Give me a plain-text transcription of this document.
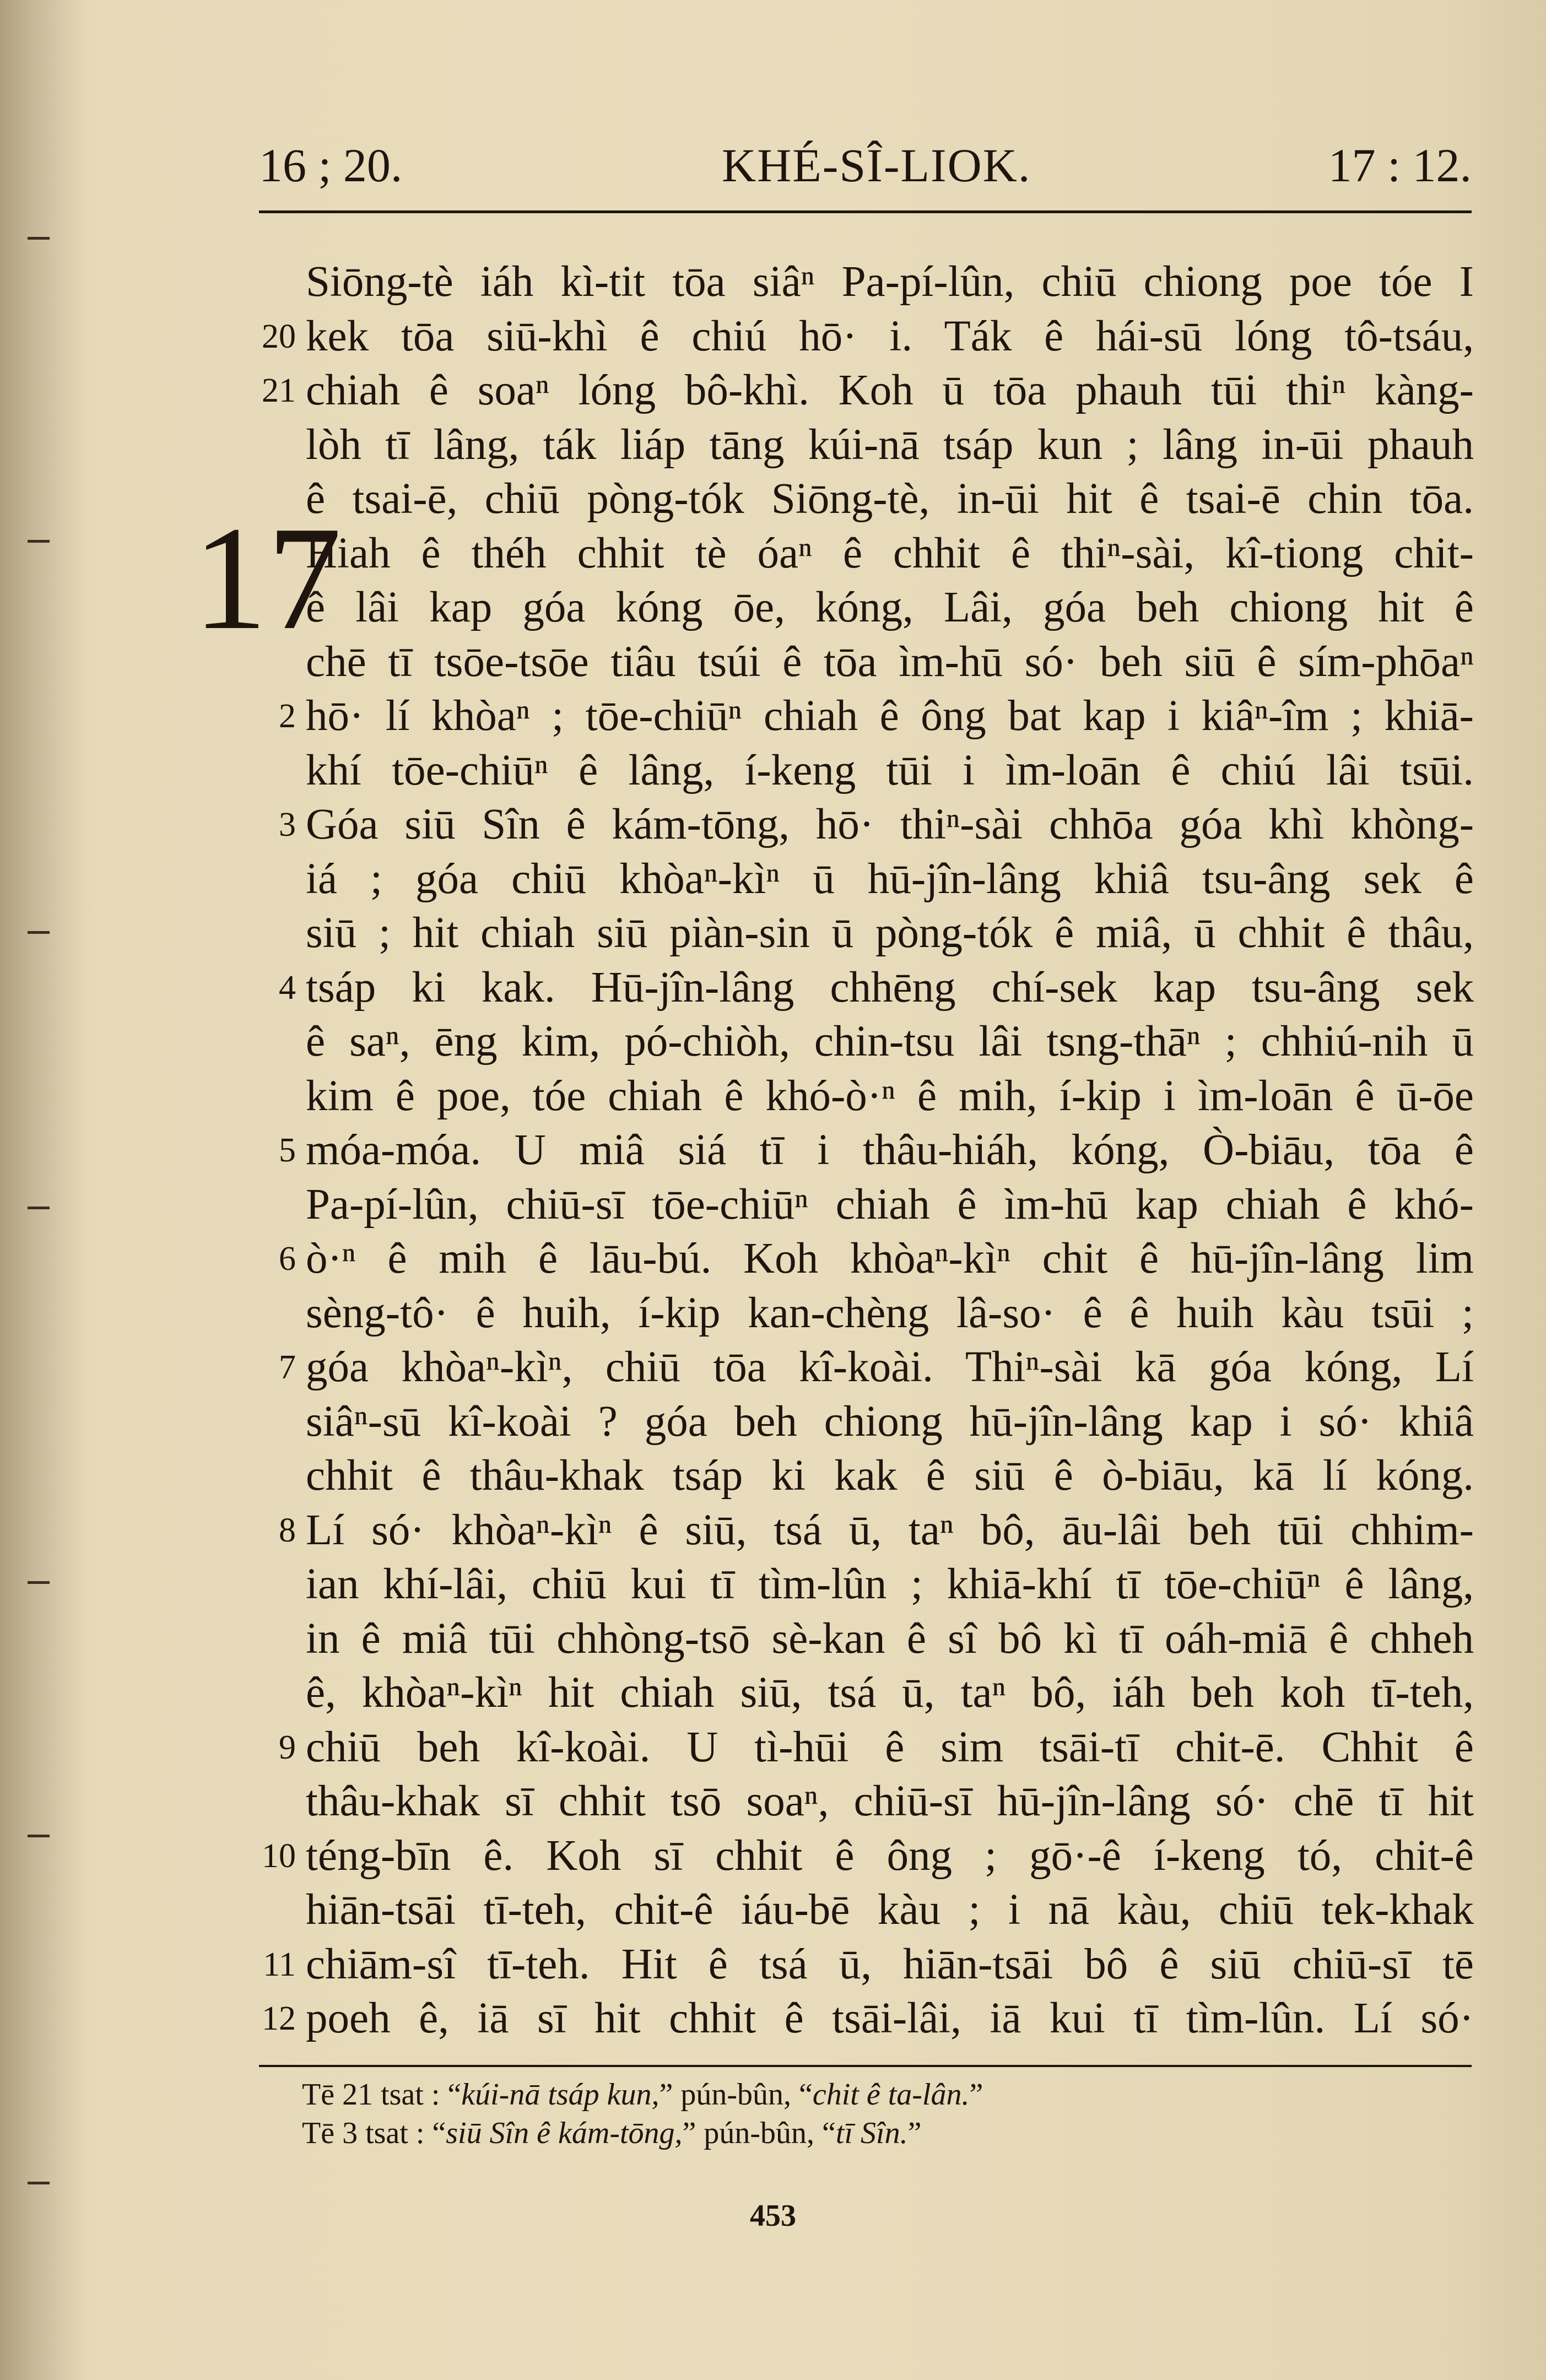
16 ; 20.	KHÉ-SÎ-LIOK.	17 : 12.
17
Siōng-tè iáh kì-tit tōa siâⁿ Pa-pí-lûn, chiū chiong poe tóe I
20 kek tōa siū-khì ê chiú hō· i. Ták ê hái-sū lóng tô-tsáu,
21 chiah ê soaⁿ lóng bô-khì. Koh ū tōa phauh tūi thiⁿ kàng-
lòh tī lâng, ták liáp tāng kúi-nā tsáp kun ; lâng in-ūi phauh
ê tsai-ē, chiū pòng-tók Siōng-tè, in-ūi hit ê tsai-ē chin tōa.
Hiah ê théh chhit tè óaⁿ ê chhit ê thiⁿ-sài, kî-tiong chit-
ê lâi kap góa kóng ōe, kóng, Lâi, góa beh chiong hit ê
chē tī tsōe-tsōe tiâu tsúi ê tōa ìm-hū só· beh siū ê sím-phōaⁿ
2 hō· lí khòaⁿ ; tōe-chiūⁿ chiah ê ông bat kap i kiâⁿ-îm ; khiā-
khí tōe-chiūⁿ ê lâng, í-keng tūi i ìm-loān ê chiú lâi tsūi.
3 Góa siū Sîn ê kám-tōng, hō· thiⁿ-sài chhōa góa khì khòng-
iá ; góa chiū khòaⁿ-kìⁿ ū hū-jîn-lâng khiâ tsu-âng sek ê
siū ; hit chiah siū piàn-sin ū pòng-tók ê miâ, ū chhit ê thâu,
4 tsáp ki kak. Hū-jîn-lâng chhēng chí-sek kap tsu-âng sek
ê saⁿ, ēng kim, pó-chiòh, chin-tsu lâi tsng-thāⁿ ; chhiú-nih ū
kim ê poe, tóe chiah ê khó-ò·ⁿ ê mih, í-kip i ìm-loān ê ū-ōe
5 móa-móa. U miâ siá tī i thâu-hiáh, kóng, Ò-biāu, tōa ê
Pa-pí-lûn, chiū-sī tōe-chiūⁿ chiah ê ìm-hū kap chiah ê khó-
6 ò·ⁿ ê mih ê lāu-bú. Koh khòaⁿ-kìⁿ chit ê hū-jîn-lâng lim
sèng-tô· ê huih, í-kip kan-chèng lâ-so· ê ê huih kàu tsūi ;
7 góa khòaⁿ-kìⁿ, chiū tōa kî-koài. Thiⁿ-sài kā góa kóng, Lí
siâⁿ-sū kî-koài ? góa beh chiong hū-jîn-lâng kap i só· khiâ
chhit ê thâu-khak tsáp ki kak ê siū ê ò-biāu, kā lí kóng.
8 Lí só· khòaⁿ-kìⁿ ê siū, tsá ū, taⁿ bô, āu-lâi beh tūi chhim-
ian khí-lâi, chiū kui tī tìm-lûn ; khiā-khí tī tōe-chiūⁿ ê lâng,
in ê miâ tūi chhòng-tsō sè-kan ê sî bô kì tī oáh-miā ê chheh
ê, khòaⁿ-kìⁿ hit chiah siū, tsá ū, taⁿ bô, iáh beh koh tī-teh,
9 chiū beh kî-koài. U tì-hūi ê sim tsāi-tī chit-ē. Chhit ê
thâu-khak sī chhit tsō soaⁿ, chiū-sī hū-jîn-lâng só· chē tī hit
10 téng-bīn ê. Koh sī chhit ê ông ; gō·-ê í-keng tó, chit-ê
hiān-tsāi tī-teh, chit-ê iáu-bē kàu ; i nā kàu, chiū tek-khak
11 chiām-sî tī-teh. Hit ê tsá ū, hiān-tsāi bô ê siū chiū-sī tē
12 poeh ê, iā sī hit chhit ê tsāi-lâi, iā kui tī tìm-lûn. Lí só·
Tē 21 tsat : “kúi-nā tsáp kun,” pún-bûn, “chit ê ta-lân.”
Tē 3 tsat : “siū Sîn ê kám-tōng,” pún-bûn, “tī Sîn.”
453
